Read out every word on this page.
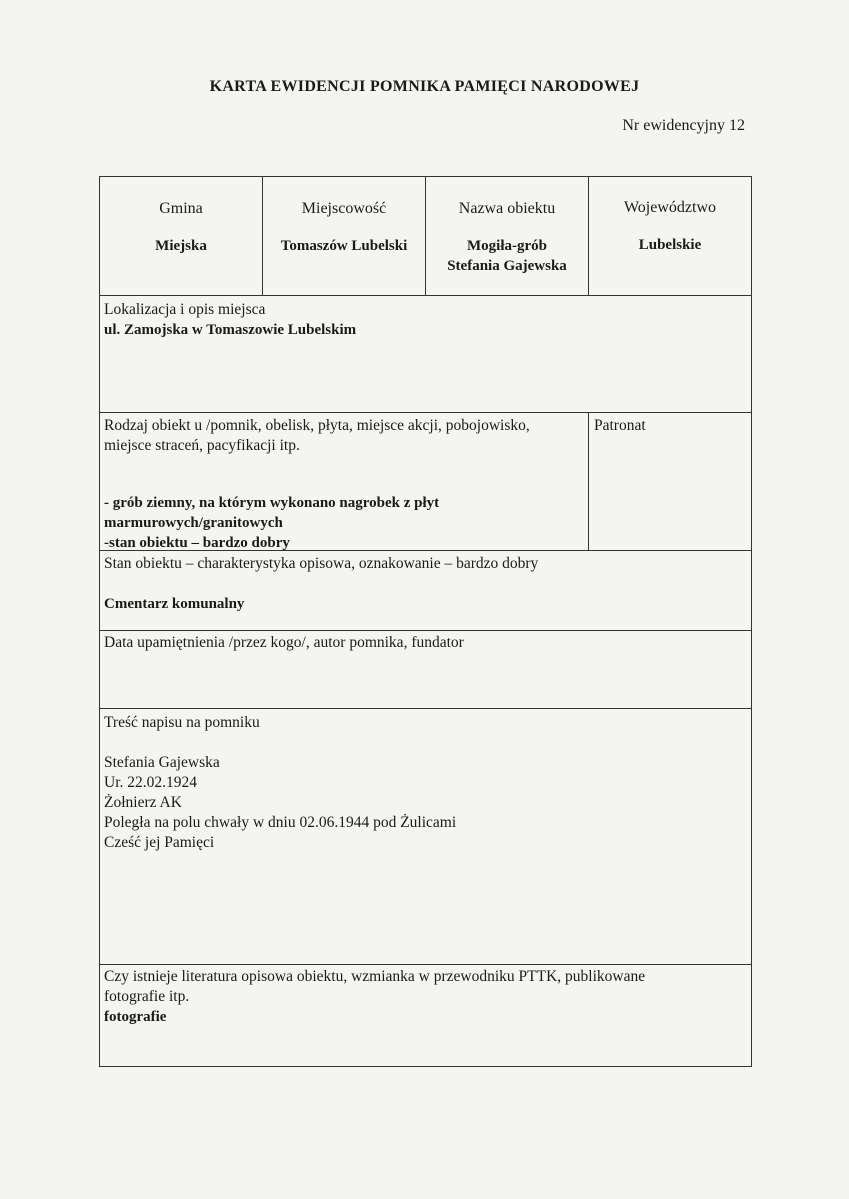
KARTA EWIDENCJI POMNIKA PAMIĘCI NARODOWEJ
Nr ewidencyjny 12
Gmina
Miejska
Miejscowość
Tomaszów Lubelski
Nazwa obiektu
Mogiła-grób
Stefania Gajewska
Województwo
Lubelskie
Lokalizacja i opis miejsca
ul. Zamojska w Tomaszowie Lubelskim
Rodzaj obiekt u /pomnik, obelisk, płyta, miejsce akcji, pobojowisko,
miejsce straceń, pacyfikacji itp.
- grób ziemny, na którym wykonano nagrobek z płyt
marmurowych/granitowych
-stan obiektu – bardzo dobry
Patronat
Stan obiektu – charakterystyka opisowa, oznakowanie – bardzo dobry
Cmentarz komunalny
Data upamiętnienia /przez kogo/, autor pomnika, fundator
Treść napisu na pomniku
Stefania Gajewska
Ur. 22.02.1924
Żołnierz AK
Poległa na polu chwały w dniu 02.06.1944 pod Żulicami
Cześć jej Pamięci
Czy istnieje literatura opisowa obiektu, wzmianka w przewodniku PTTK, publikowane
fotografie itp.
fotografie
